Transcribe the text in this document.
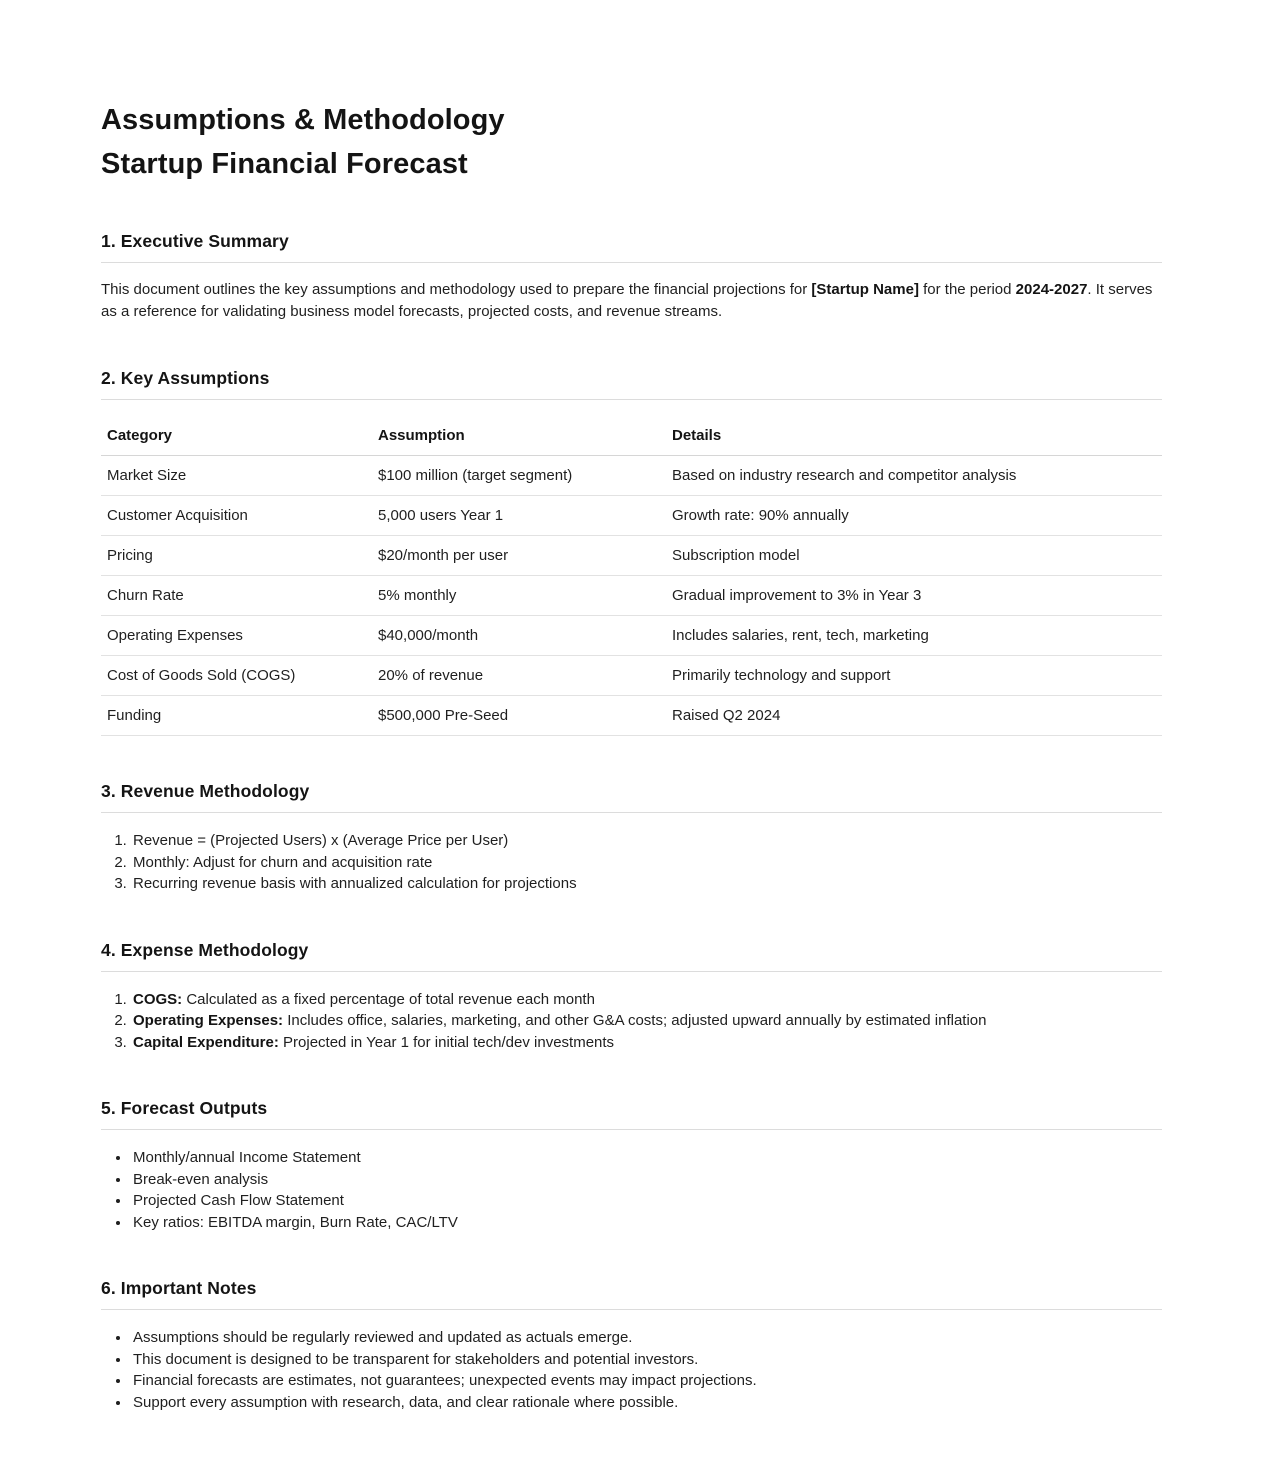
Assumptions & Methodology
Startup Financial Forecast
1. Executive Summary

This document outlines the key assumptions and methodology used to prepare the financial projections for [Startup Name] for the period 2024-2027. It serves as a reference for validating business model forecasts, projected costs, and revenue streams.

2. Key Assumptions
Category	Assumption	Details
Market Size	$100 million (target segment)	Based on industry research and competitor analysis
Customer Acquisition	5,000 users Year 1	Growth rate: 90% annually
Pricing	$20/month per user	Subscription model
Churn Rate	5% monthly	Gradual improvement to 3% in Year 3
Operating Expenses	$40,000/month	Includes salaries, rent, tech, marketing
Cost of Goods Sold (COGS)	20% of revenue	Primarily technology and support
Funding	$500,000 Pre-Seed	Raised Q2 2024
3. Revenue Methodology
1. Revenue = (Projected Users) x (Average Price per User)
2. Monthly: Adjust for churn and acquisition rate
3. Recurring revenue basis with annualized calculation for projections
4. Expense Methodology
1. COGS: Calculated as a fixed percentage of total revenue each month
2. Operating Expenses: Includes office, salaries, marketing, and other G&A costs; adjusted upward annually by estimated inflation
3. Capital Expenditure: Projected in Year 1 for initial tech/dev investments
5. Forecast Outputs
• Monthly/annual Income Statement
• Break-even analysis
• Projected Cash Flow Statement
• Key ratios: EBITDA margin, Burn Rate, CAC/LTV
6. Important Notes
• Assumptions should be regularly reviewed and updated as actuals emerge.
• This document is designed to be transparent for stakeholders and potential investors.
• Financial forecasts are estimates, not guarantees; unexpected events may impact projections.
• Support every assumption with research, data, and clear rationale where possible.
